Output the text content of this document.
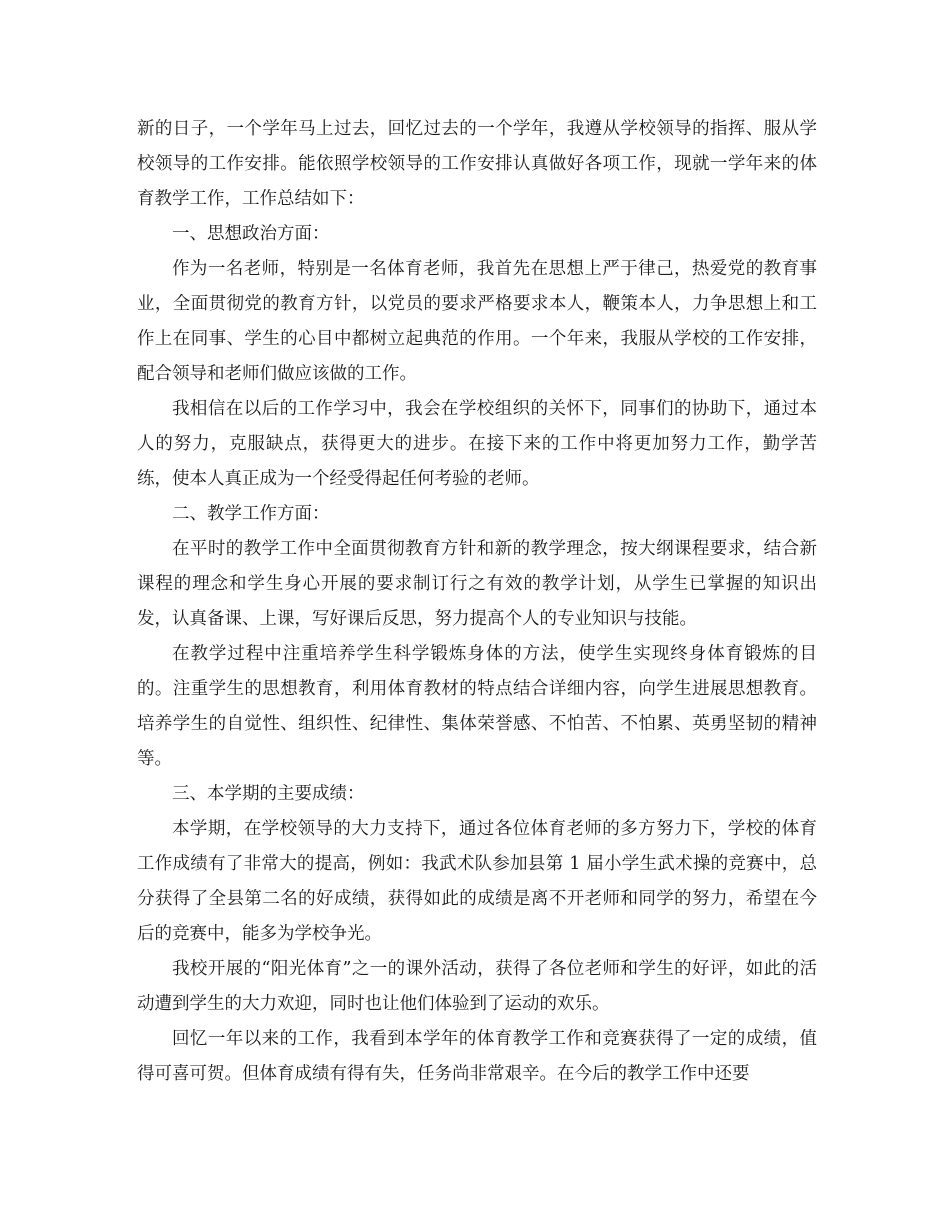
新的日子，一个学年马上过去，回忆过去的一个学年，我遵从学校领导的指挥、服从学校领导的工作安排。能依照学校领导的工作安排认真做好各项工作，现就一学年来的体育教学工作，工作总结如下：

一、思想政治方面：

作为一名老师，特别是一名体育老师，我首先在思想上严于律己，热爱党的教育事业，全面贯彻党的教育方针，以党员的要求严格要求本人，鞭策本人，力争思想上和工作上在同事、学生的心目中都树立起典范的作用。一个年来，我服从学校的工作安排，配合领导和老师们做应该做的工作。

我相信在以后的工作学习中，我会在学校组织的关怀下，同事们的协助下，通过本人的努力，克服缺点，获得更大的进步。在接下来的工作中将更加努力工作，勤学苦练，使本人真正成为一个经受得起任何考验的老师。

二、教学工作方面：

在平时的教学工作中全面贯彻教育方针和新的教学理念，按大纲课程要求，结合新课程的理念和学生身心开展的要求制订行之有效的教学计划，从学生已掌握的知识出发，认真备课、上课，写好课后反思，努力提高个人的专业知识与技能。

在教学过程中注重培养学生科学锻炼身体的方法，使学生实现终身体育锻炼的目的。注重学生的思想教育，利用体育教材的特点结合详细内容，向学生进展思想教育。培养学生的自觉性、组织性、纪律性、集体荣誉感、不怕苦、不怕累、英勇坚韧的精神等。

三、本学期的主要成绩：

本学期，在学校领导的大力支持下，通过各位体育老师的多方努力下，学校的体育工作成绩有了非常大的提高，例如：我武术队参加县第 1 届小学生武术操的竞赛中，总分获得了全县第二名的好成绩，获得如此的成绩是离不开老师和同学的努力，希望在今后的竞赛中，能多为学校争光。

我校开展的“阳光体育”之一的课外活动，获得了各位老师和学生的好评，如此的活动遭到学生的大力欢迎，同时也让他们体验到了运动的欢乐。

回忆一年以来的工作，我看到本学年的体育教学工作和竞赛获得了一定的成绩，值得可喜可贺。但体育成绩有得有失，任务尚非常艰辛。在今后的教学工作中还要
